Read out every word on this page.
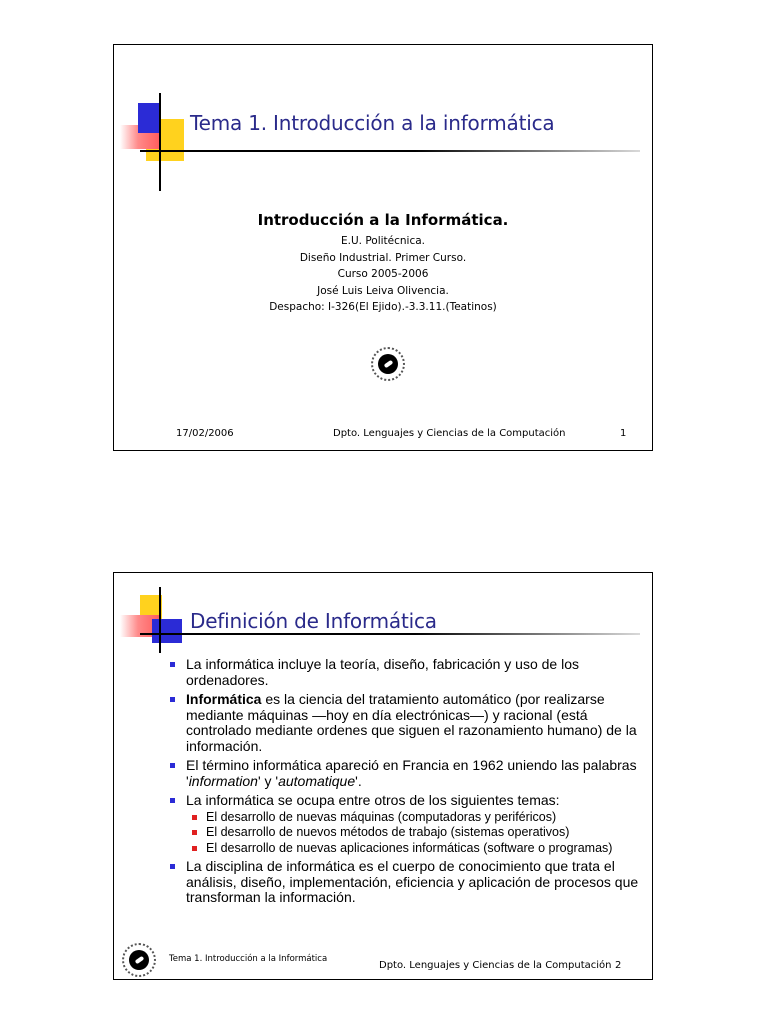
Tema 1. Introducción a la informática
Introducción a la Informática.
E.U. Politécnica.
Diseño Industrial. Primer Curso.
Curso 2005-2006
José Luis Leiva Olivencia.
Despacho: I-326(El Ejido).-3.3.11.(Teatinos)
17/02/2006	Dpto. Lenguajes y Ciencias de la Computación	1
Definición de Informática
La informática incluye la teoría, diseño, fabricación y uso de los ordenadores.
Informática es la ciencia del tratamiento automático (por realizarse mediante máquinas —hoy en día electrónicas—) y racional (está controlado mediante ordenes que siguen el razonamiento humano) de la información.
El término informática apareció en Francia en 1962 uniendo las palabras 'information' y 'automatique'.
La informática se ocupa entre otros de los siguientes temas:
El desarrollo de nuevas máquinas (computadoras y periféricos)
El desarrollo de nuevos métodos de trabajo (sistemas operativos)
El desarrollo de nuevas aplicaciones informáticas (software o programas)
La disciplina de informática es el cuerpo de conocimiento que trata el análisis, diseño, implementación, eficiencia y aplicación de procesos que transforman la información.
Tema 1. Introducción a la Informática
Dpto. Lenguajes y Ciencias de la Computación 2
